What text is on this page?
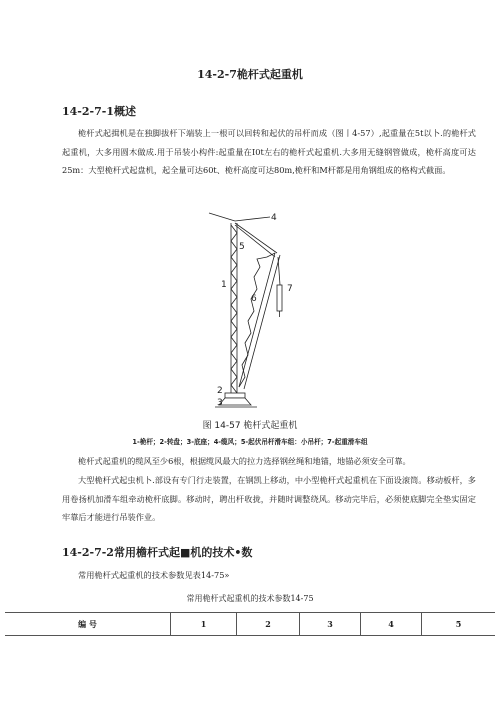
14-2-7桅杆式起重机
14-2-7-1概述

桅杆式起揖机是在独脚拔杆下端装上一根可以回转和起伏的吊杆而成（图丨4-57）,起重量在5t以卜.的桅杆式起重机，大多用圆木做成.用于吊装小构件:起重量在I0t左右的桅杆式起重机.大多用无缝钢管做成，桅杆高度可达25m：大型桅杆式起盘机，起全量可达60t、桅杆高度可达80m,桅杆和M杆都是用角钢组成的格构式截面。

4
5
1
6
7
2
3
图 14-57 桅杆式起重机
1-桅杆；2-转盘；3-底座；4-缆风；5-起伏吊杆滑车组：小吊杆；7-起重滑车组

桅杆式起重机的缆风至少6根，根据缆风最大的拉力选择钢丝绳和地锚，地锚必须安全可靠。

大型桅杆式起虫机卜.部设有专门行走装置，在钢凯上移动，中小型桅杆式起重机在下面设滚筒。移动板杆，多用卷扬机加滑车组牵动桅杆底脚。移动时，聘出杆收拢，并随时调整绕风。移动完毕后，必须使底脚完全垫实固定牢靠后才能进行吊装作业。

14-2-7-2常用檐杆式起■机的技术•数

常用桅杆式起重机的技术参数见表14-75»

常用桅杆式起重机的技术参数14-75
编 号	1	2	3	4	5
